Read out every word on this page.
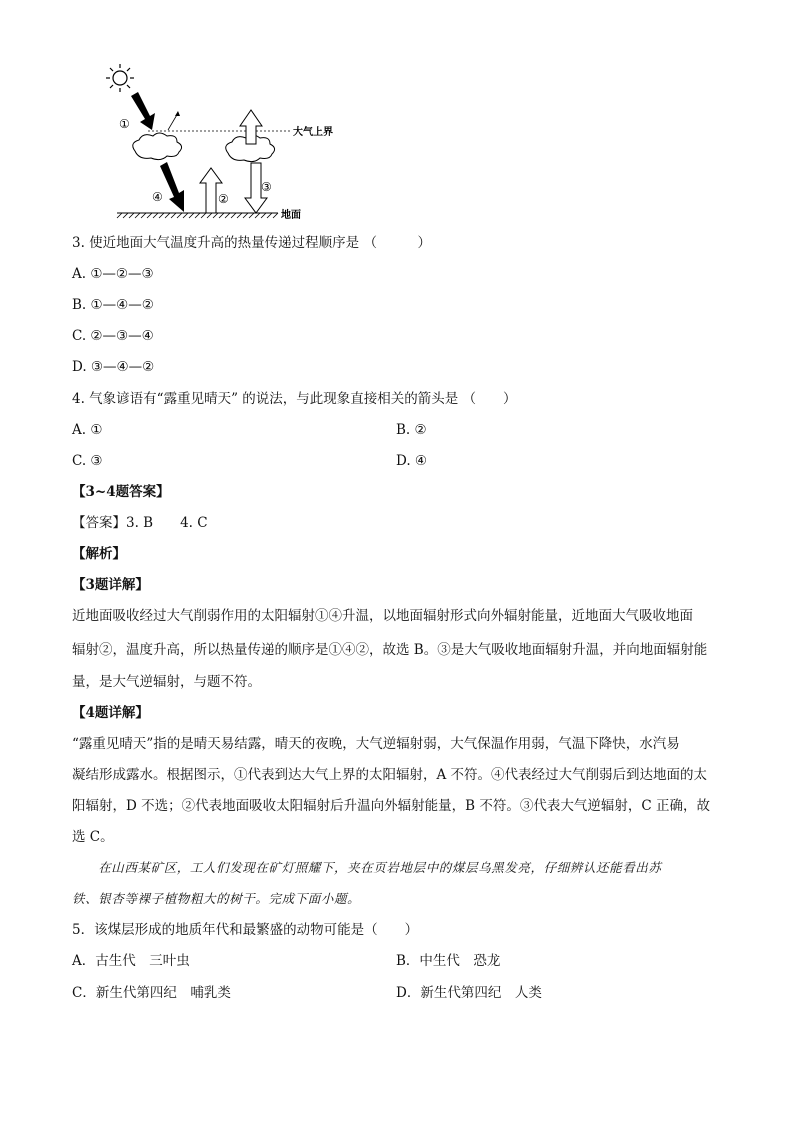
大气上界
①
④	②
③
地面
3. 使近地面大气温度升高的热量传递过程顺序是 （　　　）
A. ①—②—③
B. ①—④—②
C. ②—③—④
D. ③—④—②
4. 气象谚语有“露重见晴天” 的说法，与此现象直接相关的箭头是 （　　）
A. ①	B. ②
C. ③	D. ④
【3~4题答案】
【答案】3. B　　4. C
【解析】
【3题详解】
近地面吸收经过大气削弱作用的太阳辐射①④升温，以地面辐射形式向外辐射能量，近地面大气吸收地面
辐射②，温度升高，所以热量传递的顺序是①④②，故选 B。③是大气吸收地面辐射升温，并向地面辐射能
量，是大气逆辐射，与题不符。
【4题详解】
“露重见晴天”指的是晴天易结露，晴天的夜晚，大气逆辐射弱，大气保温作用弱，气温下降快，水汽易
凝结形成露水。根据图示，①代表到达大气上界的太阳辐射，A 不符。④代表经过大气削弱后到达地面的太
阳辐射，D 不选；②代表地面吸收太阳辐射后升温向外辐射能量，B 不符。③代表大气逆辐射，C 正确，故
选 C。
　　在山西某矿区，工人们发现在矿灯照耀下，夹在页岩地层中的煤层乌黑发亮，仔细辨认还能看出苏
铁、银杏等裸子植物粗大的树干。完成下面小题。
5．该煤层形成的地质年代和最繁盛的动物可能是（　　）
A．古生代　三叶虫	B．中生代　恐龙
C．新生代第四纪　哺乳类	D．新生代第四纪　人类
